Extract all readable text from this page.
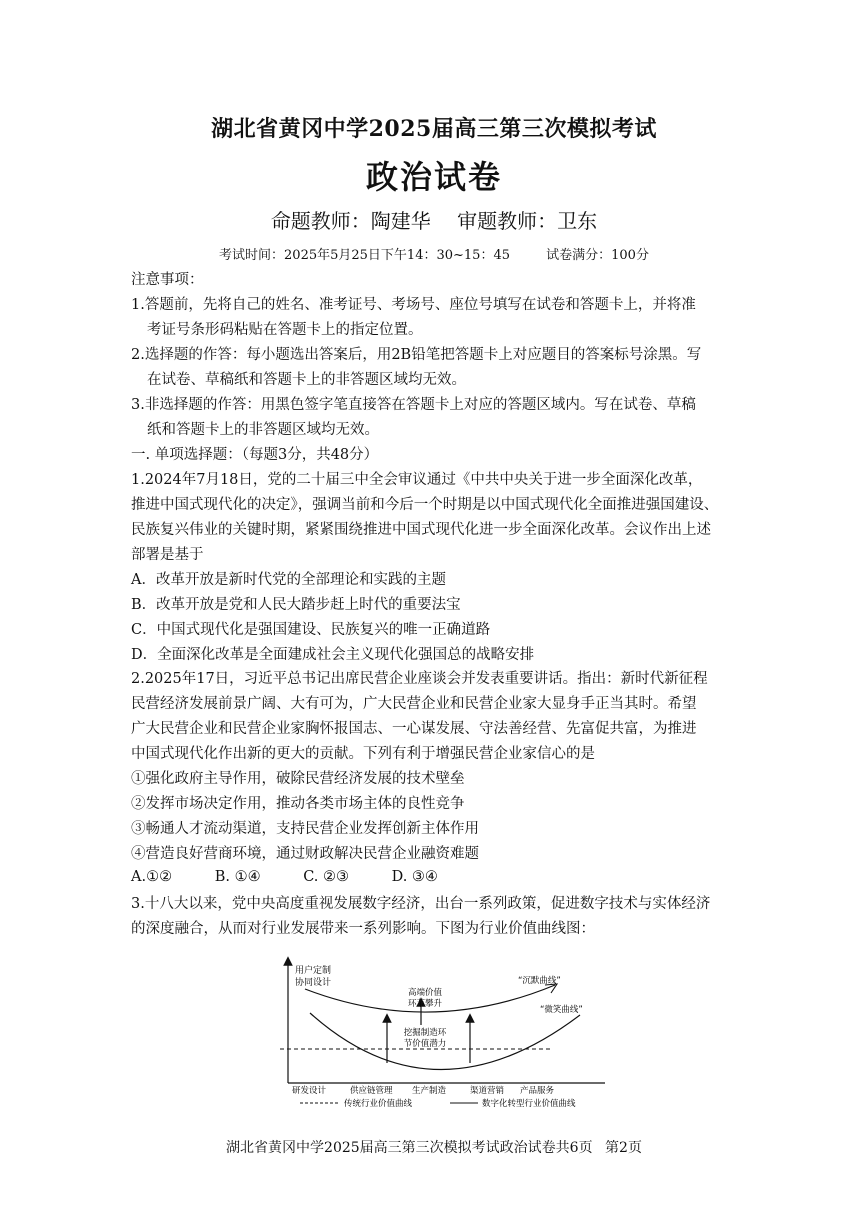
湖北省黄冈中学2025届高三第三次模拟考试
政治试卷
命题教师：陶建华 审题教师：卫东
考试时间：2025年5月25日下午14：30~15：45	试卷满分：100分
注意事项：
1.答题前，先将自己的姓名、准考证号、考场号、座位号填写在试卷和答题卡上，并将准
考证号条形码粘贴在答题卡上的指定位置。
2.选择题的作答：每小题选出答案后，用2B铅笔把答题卡上对应题目的答案标号涂黑。写
在试卷、草稿纸和答题卡上的非答题区域均无效。
3.非选择题的作答：用黑色签字笔直接答在答题卡上对应的答题区域内。写在试卷、草稿
纸和答题卡上的非答题区域均无效。
一. 单项选择题：（每题3分，共48分）
1.2024年7月18日，党的二十届三中全会审议通过《中共中央关于进一步全面深化改革，
推进中国式现代化的决定》，强调当前和今后一个时期是以中国式现代化全面推进强国建设、
民族复兴伟业的关键时期，紧紧围绕推进中国式现代化进一步全面深化改革。会议作出上述
部署是基于
A．改革开放是新时代党的全部理论和实践的主题
B．改革开放是党和人民大踏步赶上时代的重要法宝
C．中国式现代化是强国建设、民族复兴的唯一正确道路
D．全面深化改革是全面建成社会主义现代化强国总的战略安排
2.2025年17日，习近平总书记出席民营企业座谈会并发表重要讲话。指出：新时代新征程
民营经济发展前景广阔、大有可为，广大民营企业和民营企业家大显身手正当其时。希望
广大民营企业和民营企业家胸怀报国志、一心谋发展、守法善经营、先富促共富，为推进
中国式现代化作出新的更大的贡献。下列有利于增强民营企业家信心的是
①强化政府主导作用，破除民营经济发展的技术壁垒
②发挥市场决定作用，推动各类市场主体的良性竞争
③畅通人才流动渠道，支持民营企业发挥创新主体作用
④营造良好营商环境，通过财政解决民营企业融资难题
A.①②	B. ①④	C. ②③	D. ③④
3.十八大以来，党中央高度重视发展数字经济，出台一系列政策，促进数字技术与实体经济
的深度融合，从而对行业发展带来一系列影响。下图为行业价值曲线图：
用户定制
协同设计
高端价值
环节攀升
挖掘制造环
节价值潜力
“沉默曲线”
“微笑曲线”
研发设计	供应链管理 生产制造	渠道营销 产品服务
传统行业价值曲线	数字化转型行业价值曲线
湖北省黄冈中学2025届高三第三次模拟考试政治试卷共6页 第2页
